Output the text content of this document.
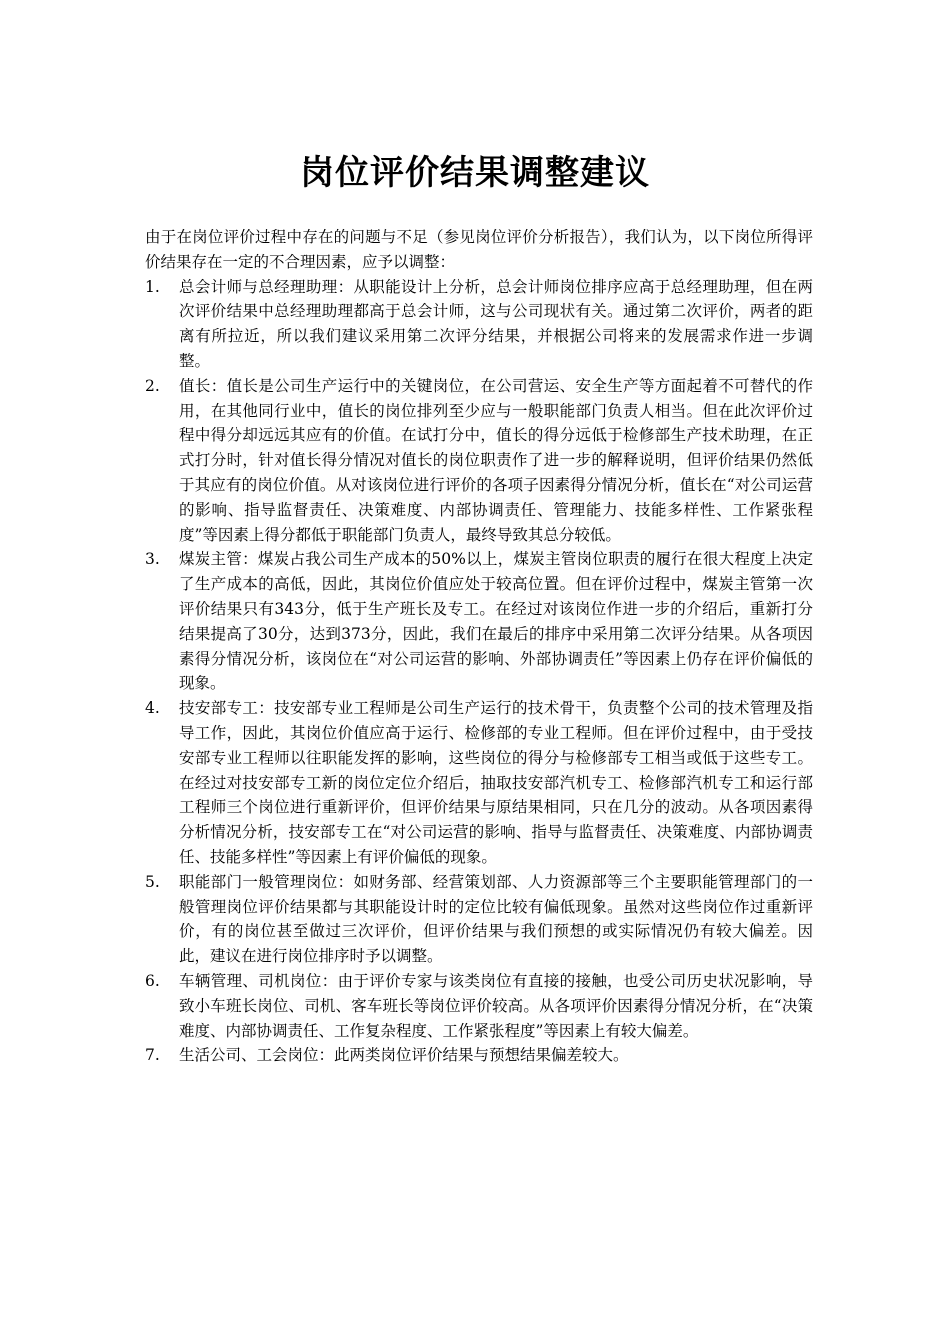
岗位评价结果调整建议

由于在岗位评价过程中存在的问题与不足（参见岗位评价分析报告），我们认为，以下岗位所得评价结果存在一定的不合理因素，应予以调整：

1. 总会计师与总经理助理：从职能设计上分析，总会计师岗位排序应高于总经理助理，但在两次评价结果中总经理助理都高于总会计师，这与公司现状有关。通过第二次评价，两者的距离有所拉近，所以我们建议采用第二次评分结果，并根据公司将来的发展需求作进一步调整。
2. 值长：值长是公司生产运行中的关键岗位，在公司营运、安全生产等方面起着不可替代的作用，在其他同行业中，值长的岗位排列至少应与一般职能部门负责人相当。但在此次评价过程中得分却远远其应有的价值。在试打分中，值长的得分远低于检修部生产技术助理，在正式打分时，针对值长得分情况对值长的岗位职责作了进一步的解释说明，但评价结果仍然低于其应有的岗位价值。从对该岗位进行评价的各项子因素得分情况分析，值长在“对公司运营的影响、指导监督责任、决策难度、内部协调责任、管理能力、技能多样性、工作紧张程度”等因素上得分都低于职能部门负责人，最终导致其总分较低。
3. 煤炭主管：煤炭占我公司生产成本的50%以上，煤炭主管岗位职责的履行在很大程度上决定了生产成本的高低，因此，其岗位价值应处于较高位置。但在评价过程中，煤炭主管第一次评价结果只有343分，低于生产班长及专工。在经过对该岗位作进一步的介绍后，重新打分结果提高了30分，达到373分，因此，我们在最后的排序中采用第二次评分结果。从各项因素得分情况分析，该岗位在“对公司运营的影响、外部协调责任”等因素上仍存在评价偏低的现象。
4. 技安部专工：技安部专业工程师是公司生产运行的技术骨干，负责整个公司的技术管理及指导工作，因此，其岗位价值应高于运行、检修部的专业工程师。但在评价过程中，由于受技安部专业工程师以往职能发挥的影响，这些岗位的得分与检修部专工相当或低于这些专工。在经过对技安部专工新的岗位定位介绍后，抽取技安部汽机专工、检修部汽机专工和运行部工程师三个岗位进行重新评价，但评价结果与原结果相同，只在几分的波动。从各项因素得分析情况分析，技安部专工在“对公司运营的影响、指导与监督责任、决策难度、内部协调责任、技能多样性”等因素上有评价偏低的现象。
5. 职能部门一般管理岗位：如财务部、经营策划部、人力资源部等三个主要职能管理部门的一般管理岗位评价结果都与其职能设计时的定位比较有偏低现象。虽然对这些岗位作过重新评价，有的岗位甚至做过三次评价，但评价结果与我们预想的或实际情况仍有较大偏差。因此，建议在进行岗位排序时予以调整。
6. 车辆管理、司机岗位：由于评价专家与该类岗位有直接的接触，也受公司历史状况影响，导致小车班长岗位、司机、客车班长等岗位评价较高。从各项评价因素得分情况分析，在“决策难度、内部协调责任、工作复杂程度、工作紧张程度”等因素上有较大偏差。
7. 生活公司、工会岗位：此两类岗位评价结果与预想结果偏差较大。
